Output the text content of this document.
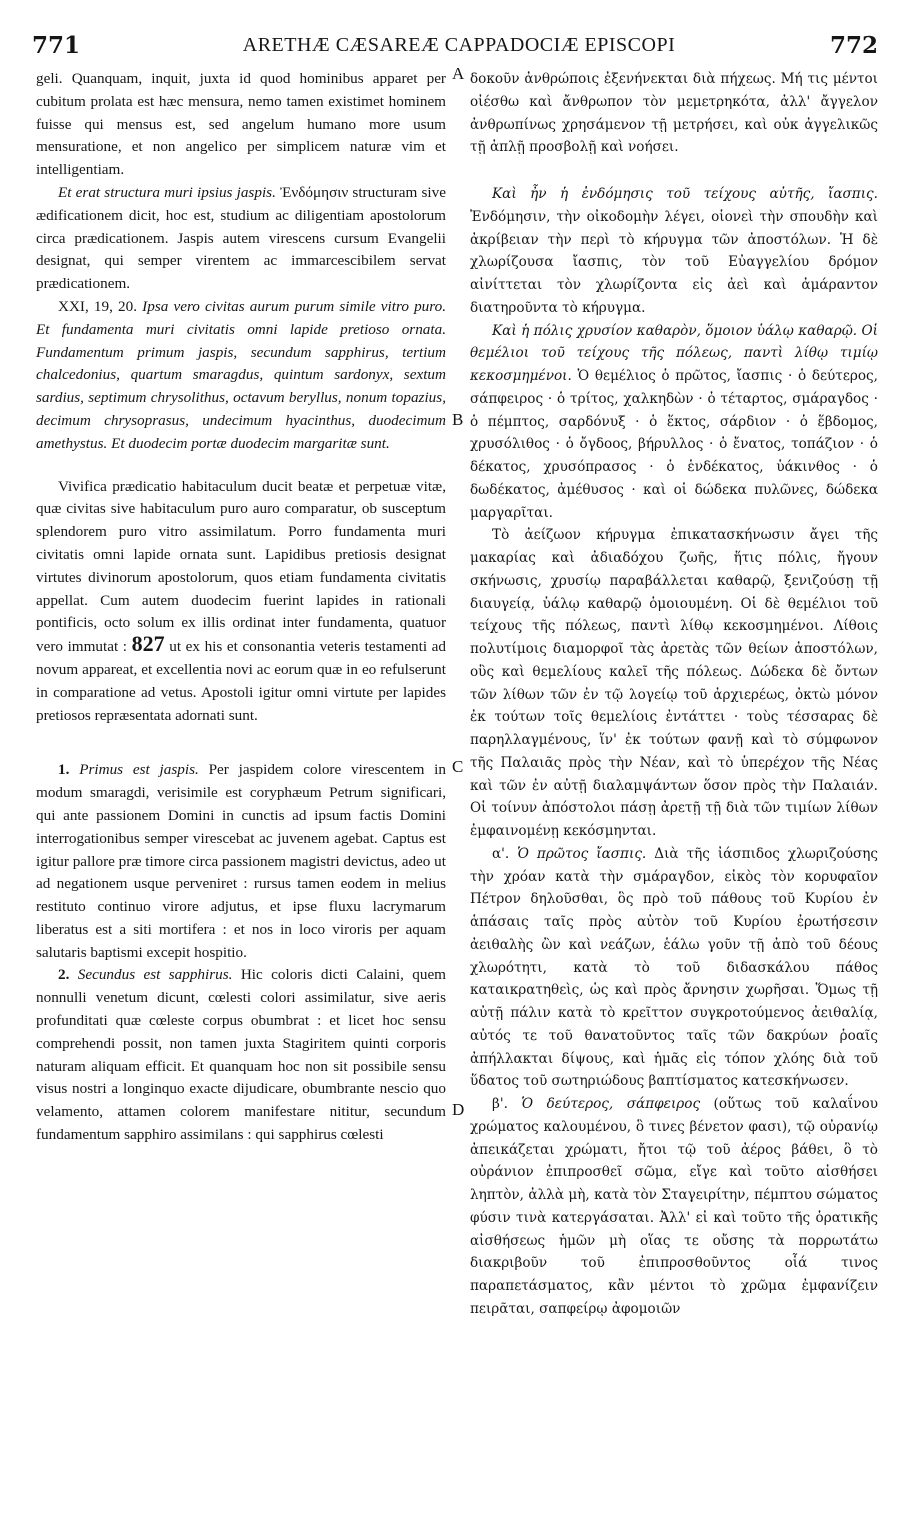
771	ARETHÆ CÆSAREÆ CAPPADOCIÆ EPISCOPI	772
A
B
C
D

geli. Quanquam, inquit, juxta id quod hominibus apparet per cubitum prolata est hæc mensura, nemo tamen existimet hominem fuisse qui mensus est, sed angelum humano more usum mensuratione, et non angelico per simplicem naturæ vim et intelligentiam.

Et erat structura muri ipsius jaspis. Ἐνδόμησιν structuram sive ædificationem dicit, hoc est, studium ac diligentiam apostolorum circa prædicationem. Jaspis autem virescens cursum Evangelii designat, qui semper virentem ac immarcescibilem servat prædicationem.

XXI, 19, 20. Ipsa vero civitas aurum purum simile vitro puro. Et fundamenta muri civitatis omni lapide pretioso ornata. Fundamentum primum jaspis, secundum sapphirus, tertium chalcedonius, quartum smaragdus, quintum sardonyx, sextum sardius, septimum chrysolithus, octavum beryllus, nonum topazius, decimum chrysoprasus, undecimum hyacinthus, duodecimum amethystus. Et duodecim portæ duodecim margaritæ sunt.

Vivifica prædicatio habitaculum ducit beatæ et perpetuæ vitæ, quæ civitas sive habitaculum puro auro comparatur, ob susceptum splendorem puro vitro assimilatum. Porro fundamenta muri civitatis omni lapide ornata sunt. Lapidibus pretiosis designat virtutes divinorum apostolorum, quos etiam fundamenta civitatis appellat. Cum autem duodecim fuerint lapides in rationali pontificis, octo solum ex illis ordinat inter fundamenta, quatuor vero immutat : 827 ut ex his et consonantia veteris testamenti ad novum appareat, et excellentia novi ac eorum quæ in eo refulserunt in comparatione ad vetus. Apostoli igitur omni virtute per lapides pretiosos repræsentata adornati sunt.

1. Primus est jaspis. Per jaspidem colore virescentem in modum smaragdi, verisimile est coryphæum Petrum significari, qui ante passionem Domini in cunctis ad ipsum factis Domini interrogationibus semper virescebat ac juvenem agebat. Captus est igitur pallore præ timore circa passionem magistri devictus, adeo ut ad negationem usque perveniret : rursus tamen eodem in melius restituto continuo virore adjutus, et ipse fluxu lacrymarum liberatus est a siti mortifera : et nos in loco viroris per aquam salutaris baptismi excepit hospitio.

2. Secundus est sapphirus. Hic coloris dicti Calaini, quem nonnulli venetum dicunt, cœlesti colori assimilatur, sive aeris profunditati quæ cœleste corpus obumbrat : et licet hoc sensu comprehendi possit, non tamen juxta Stagiritem quinti corporis naturam aliquam efficit. Et quanquam hoc non sit possibile sensu visus nostri a longinquo exacte dijudicare, obumbrante nescio quo velamento, attamen colorem manifestare nititur, secundum fundamentum sapphiro assimilans : qui sapphirus cœlesti

δοκοῦν ἀνθρώποις ἐξενήνεκται διὰ πήχεως. Μή τις μέντοι οἰέσθω καὶ ἄνθρωπον τὸν μεμετρηκότα, ἀλλ' ἄγγελον ἀνθρωπίνως χρησάμενον τῇ μετρήσει, καὶ οὐκ ἀγγελικῶς τῇ ἁπλῇ προσβολῇ καὶ νοήσει.

Καὶ ἦν ἡ ἐνδόμησις τοῦ τείχους αὐτῆς, ἴασπις. Ἐνδόμησιν, τὴν οἰκοδομὴν λέγει, οἱονεὶ τὴν σπουδὴν καὶ ἀκρίβειαν τὴν περὶ τὸ κήρυγμα τῶν ἀποστόλων. Ἡ δὲ χλωρίζουσα ἴασπις, τὸν τοῦ Εὐαγγελίου δρόμον αἰνίττεται τὸν χλωρίζοντα εἰς ἀεὶ καὶ ἀμάραντον διατηροῦντα τὸ κήρυγμα.

Καὶ ἡ πόλις χρυσίον καθαρὸν, ὅμοιον ὑάλῳ καθαρῷ. Οἱ θεμέλιοι τοῦ τείχους τῆς πόλεως, παντὶ λίθῳ τιμίῳ κεκοσμημένοι. Ὁ θεμέλιος ὁ πρῶτος, ἴασπις · ὁ δεύτερος, σάπφειρος · ὁ τρίτος, χαλκηδὼν · ὁ τέταρτος, σμάραγδος · ὁ πέμπτος, σαρδόνυξ · ὁ ἕκτος, σάρδιον · ὁ ἕβδομος, χρυσόλιθος · ὁ ὄγδοος, βήρυλλος · ὁ ἔνατος, τοπάζιον · ὁ δέκατος, χρυσόπρασος · ὁ ἑνδέκατος, ὑάκινθος · ὁ δωδέκατος, ἀμέθυσος · καὶ οἱ δώδεκα πυλῶνες, δώδεκα μαργαρῖται.

Τὸ ἀείζωον κήρυγμα ἐπικατασκήνωσιν ἄγει τῆς μακαρίας καὶ ἀδιαδόχου ζωῆς, ἥτις πόλις, ἤγουν σκήνωσις, χρυσίῳ παραβάλλεται καθαρῷ, ξενιζούσῃ τῇ διαυγείᾳ, ὑάλῳ καθαρῷ ὁμοιουμένη. Οἱ δὲ θεμέλιοι τοῦ τείχους τῆς πόλεως, παντὶ λίθῳ κεκοσμημένοι. Λίθοις πολυτίμοις διαμορφοῖ τὰς ἀρετὰς τῶν θείων ἀποστόλων, οὓς καὶ θεμελίους καλεῖ τῆς πόλεως. Δώδεκα δὲ ὄντων τῶν λίθων τῶν ἐν τῷ λογείῳ τοῦ ἀρχιερέως, ὀκτὼ μόνον ἐκ τούτων τοῖς θεμελίοις ἐντάττει · τοὺς τέσσαρας δὲ παρηλλαγμένους, ἵν' ἐκ τούτων φανῇ καὶ τὸ σύμφωνον τῆς Παλαιᾶς πρὸς τὴν Νέαν, καὶ τὸ ὑπερέχον τῆς Νέας καὶ τῶν ἐν αὐτῇ διαλαμψάντων ὅσον πρὸς τὴν Παλαιάν. Οἱ τοίνυν ἀπόστολοι πάσῃ ἀρετῇ τῇ διὰ τῶν τιμίων λίθων ἐμφαινομένῃ κεκόσμηνται.

α'. Ὁ πρῶτος ἴασπις. Διὰ τῆς ἰάσπιδος χλωριζούσης τὴν χρόαν κατὰ τὴν σμάραγδον, εἰκὸς τὸν κορυφαῖον Πέτρον δηλοῦσθαι, ὃς πρὸ τοῦ πάθους τοῦ Κυρίου ἐν ἁπάσαις ταῖς πρὸς αὐτὸν τοῦ Κυρίου ἐρωτήσεσιν ἀειθαλὴς ὢν καὶ νεάζων, ἑάλω γοῦν τῇ ἀπὸ τοῦ δέους χλωρότητι, κατὰ τὸ τοῦ διδασκάλου πάθος καταικρατηθεὶς, ὡς καὶ πρὸς ἄρνησιν χωρῆσαι. Ὅμως τῇ αὐτῇ πάλιν κατὰ τὸ κρεῖττον συγκροτούμενος ἀειθαλίᾳ, αὐτός τε τοῦ θανατοῦντος ταῖς τῶν δακρύων ῥοαῖς ἀπήλλακται δίψους, καὶ ἡμᾶς εἰς τόπον χλόης διὰ τοῦ ὕδατος τοῦ σωτηριώδους βαπτίσματος κατεσκήνωσεν.

β'. Ὁ δεύτερος, σάπφειρος (οὕτως τοῦ καλαΐνου χρώματος καλουμένου, ὃ τινες βένετον φασι), τῷ οὐρανίῳ ἀπεικάζεται χρώματι, ἤτοι τῷ τοῦ ἀέρος βάθει, ὃ τὸ οὐράνιον ἐπιπροσθεῖ σῶμα, εἴγε καὶ τοῦτο αἰσθήσει ληπτὸν, ἀλλὰ μὴ, κατὰ τὸν Σταγειρίτην, πέμπτου σώματος φύσιν τινὰ κατεργάσαται. Ἀλλ' εἰ καὶ τοῦτο τῆς ὁρατικῆς αἰσθήσεως ἡμῶν μὴ οἵας τε οὔσης τὰ πορρωτάτω διακριβοῦν τοῦ ἐπιπροσθοῦντος οἷά τινος παραπετάσματος, κἂν μέντοι τὸ χρῶμα ἐμφανίζειν πειρᾶται, σαπφείρῳ ἀφομοιῶν
